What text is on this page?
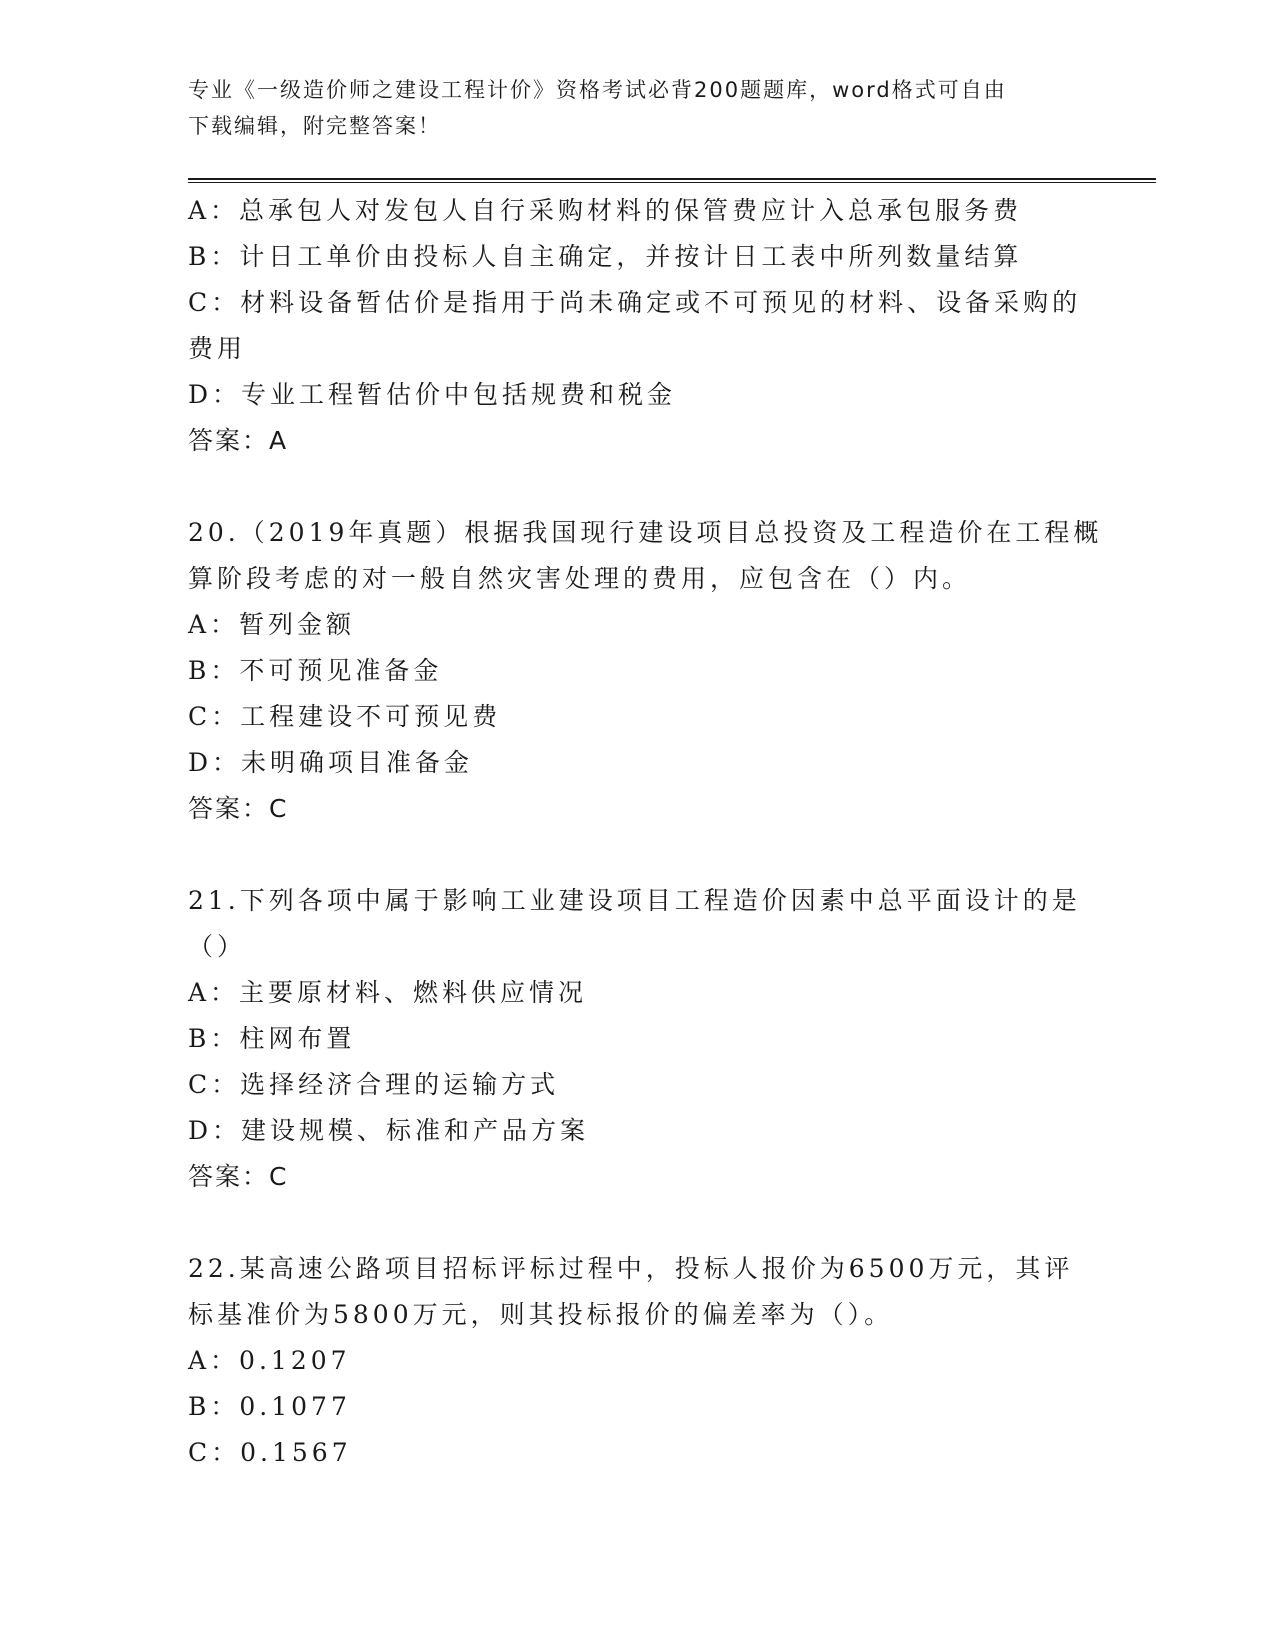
专业《一级造价师之建设工程计价》资格考试必背200题题库，word格式可自由
下载编辑，附完整答案！
A：总承包人对发包人自行采购材料的保管费应计入总承包服务费
B：计日工单价由投标人自主确定，并按计日工表中所列数量结算
C：材料设备暂估价是指用于尚未确定或不可预见的材料、设备采购的
费用
D：专业工程暂估价中包括规费和税金
答案：A
20.（2019年真题）根据我国现行建设项目总投资及工程造价在工程概
算阶段考虑的对一般自然灾害处理的费用，应包含在（）内。
A：暂列金额
B：不可预见准备金
C：工程建设不可预见费
D：未明确项目准备金
答案：C
21.下列各项中属于影响工业建设项目工程造价因素中总平面设计的是
（）
A：主要原材料、燃料供应情况
B：柱网布置
C：选择经济合理的运输方式
D：建设规模、标准和产品方案
答案：C
22.某高速公路项目招标评标过程中，投标人报价为6500万元，其评
标基准价为5800万元，则其投标报价的偏差率为（）。
A：0.1207
B：0.1077
C：0.1567
